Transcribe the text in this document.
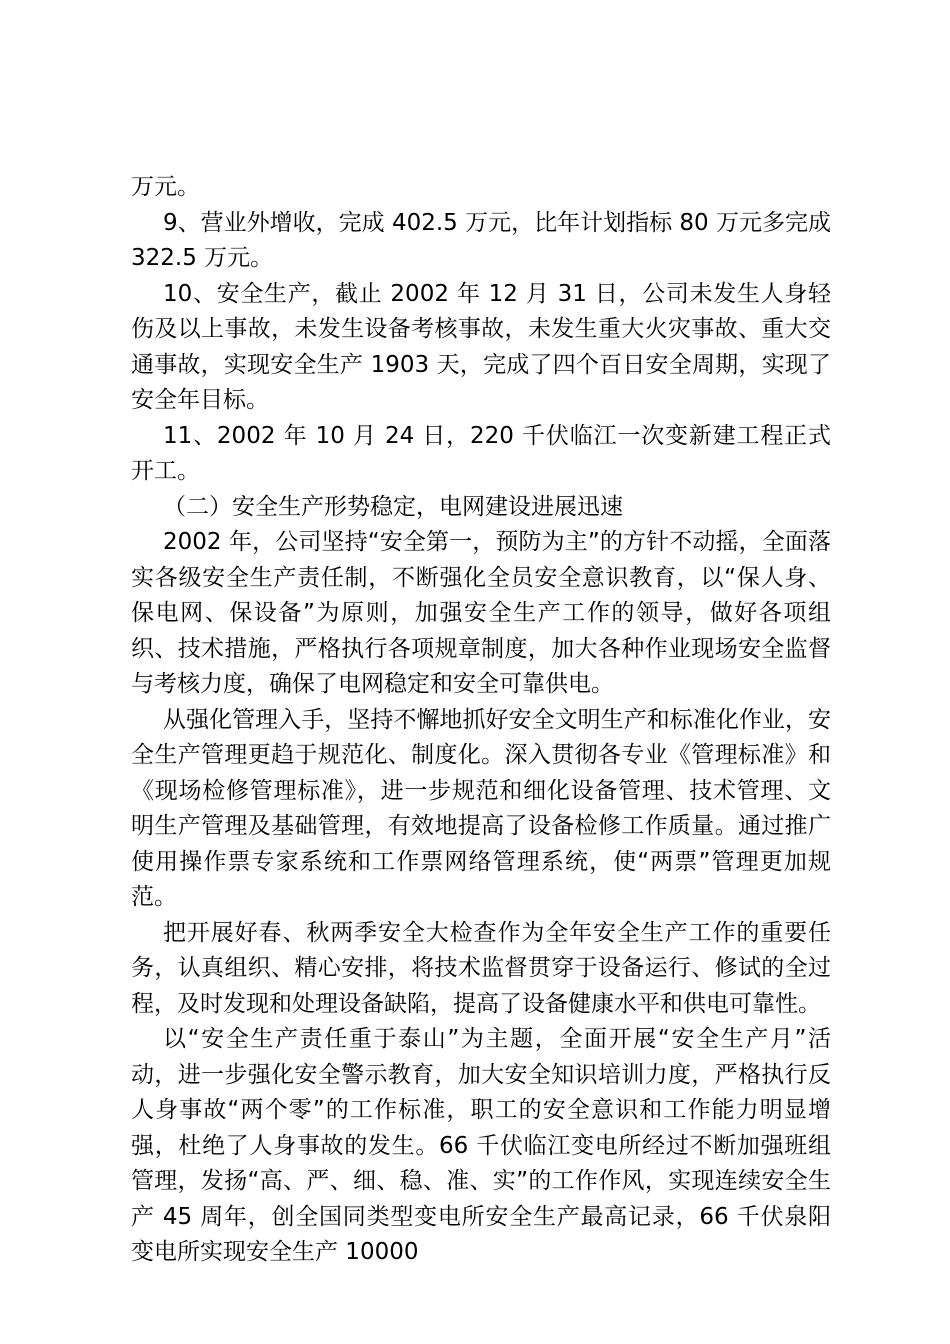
万元。

9、营业外增收，完成 402.5 万元，比年计划指标 80 万元多完成 322.5 万元。

10、安全生产，截止 2002 年 12 月 31 日，公司未发生人身轻伤及以上事故，未发生设备考核事故，未发生重大火灾事故、重大交通事故，实现安全生产 1903 天，完成了四个百日安全周期，实现了安全年目标。

11、2002 年 10 月 24 日，220 千伏临江一次变新建工程正式开工。

（二）安全生产形势稳定，电网建设进展迅速

2002 年，公司坚持“安全第一，预防为主”的方针不动摇，全面落实各级安全生产责任制，不断强化全员安全意识教育，以“保人身、保电网、保设备”为原则，加强安全生产工作的领导，做好各项组织、技术措施，严格执行各项规章制度，加大各种作业现场安全监督与考核力度，确保了电网稳定和安全可靠供电。

从强化管理入手，坚持不懈地抓好安全文明生产和标准化作业，安全生产管理更趋于规范化、制度化。深入贯彻各专业《管理标准》和《现场检修管理标准》，进一步规范和细化设备管理、技术管理、文明生产管理及基础管理，有效地提高了设备检修工作质量。通过推广使用操作票专家系统和工作票网络管理系统，使“两票”管理更加规范。

把开展好春、秋两季安全大检查作为全年安全生产工作的重要任务，认真组织、精心安排，将技术监督贯穿于设备运行、修试的全过程，及时发现和处理设备缺陷，提高了设备健康水平和供电可靠性。

以“安全生产责任重于泰山”为主题，全面开展“安全生产月”活动，进一步强化安全警示教育，加大安全知识培训力度，严格执行反人身事故“两个零”的工作标准，职工的安全意识和工作能力明显增强，杜绝了人身事故的发生。66 千伏临江变电所经过不断加强班组管理，发扬“高、严、细、稳、准、实”的工作作风，实现连续安全生产 45 周年，创全国同类型变电所安全生产最高记录，66 千伏泉阳变电所实现安全生产 10000
